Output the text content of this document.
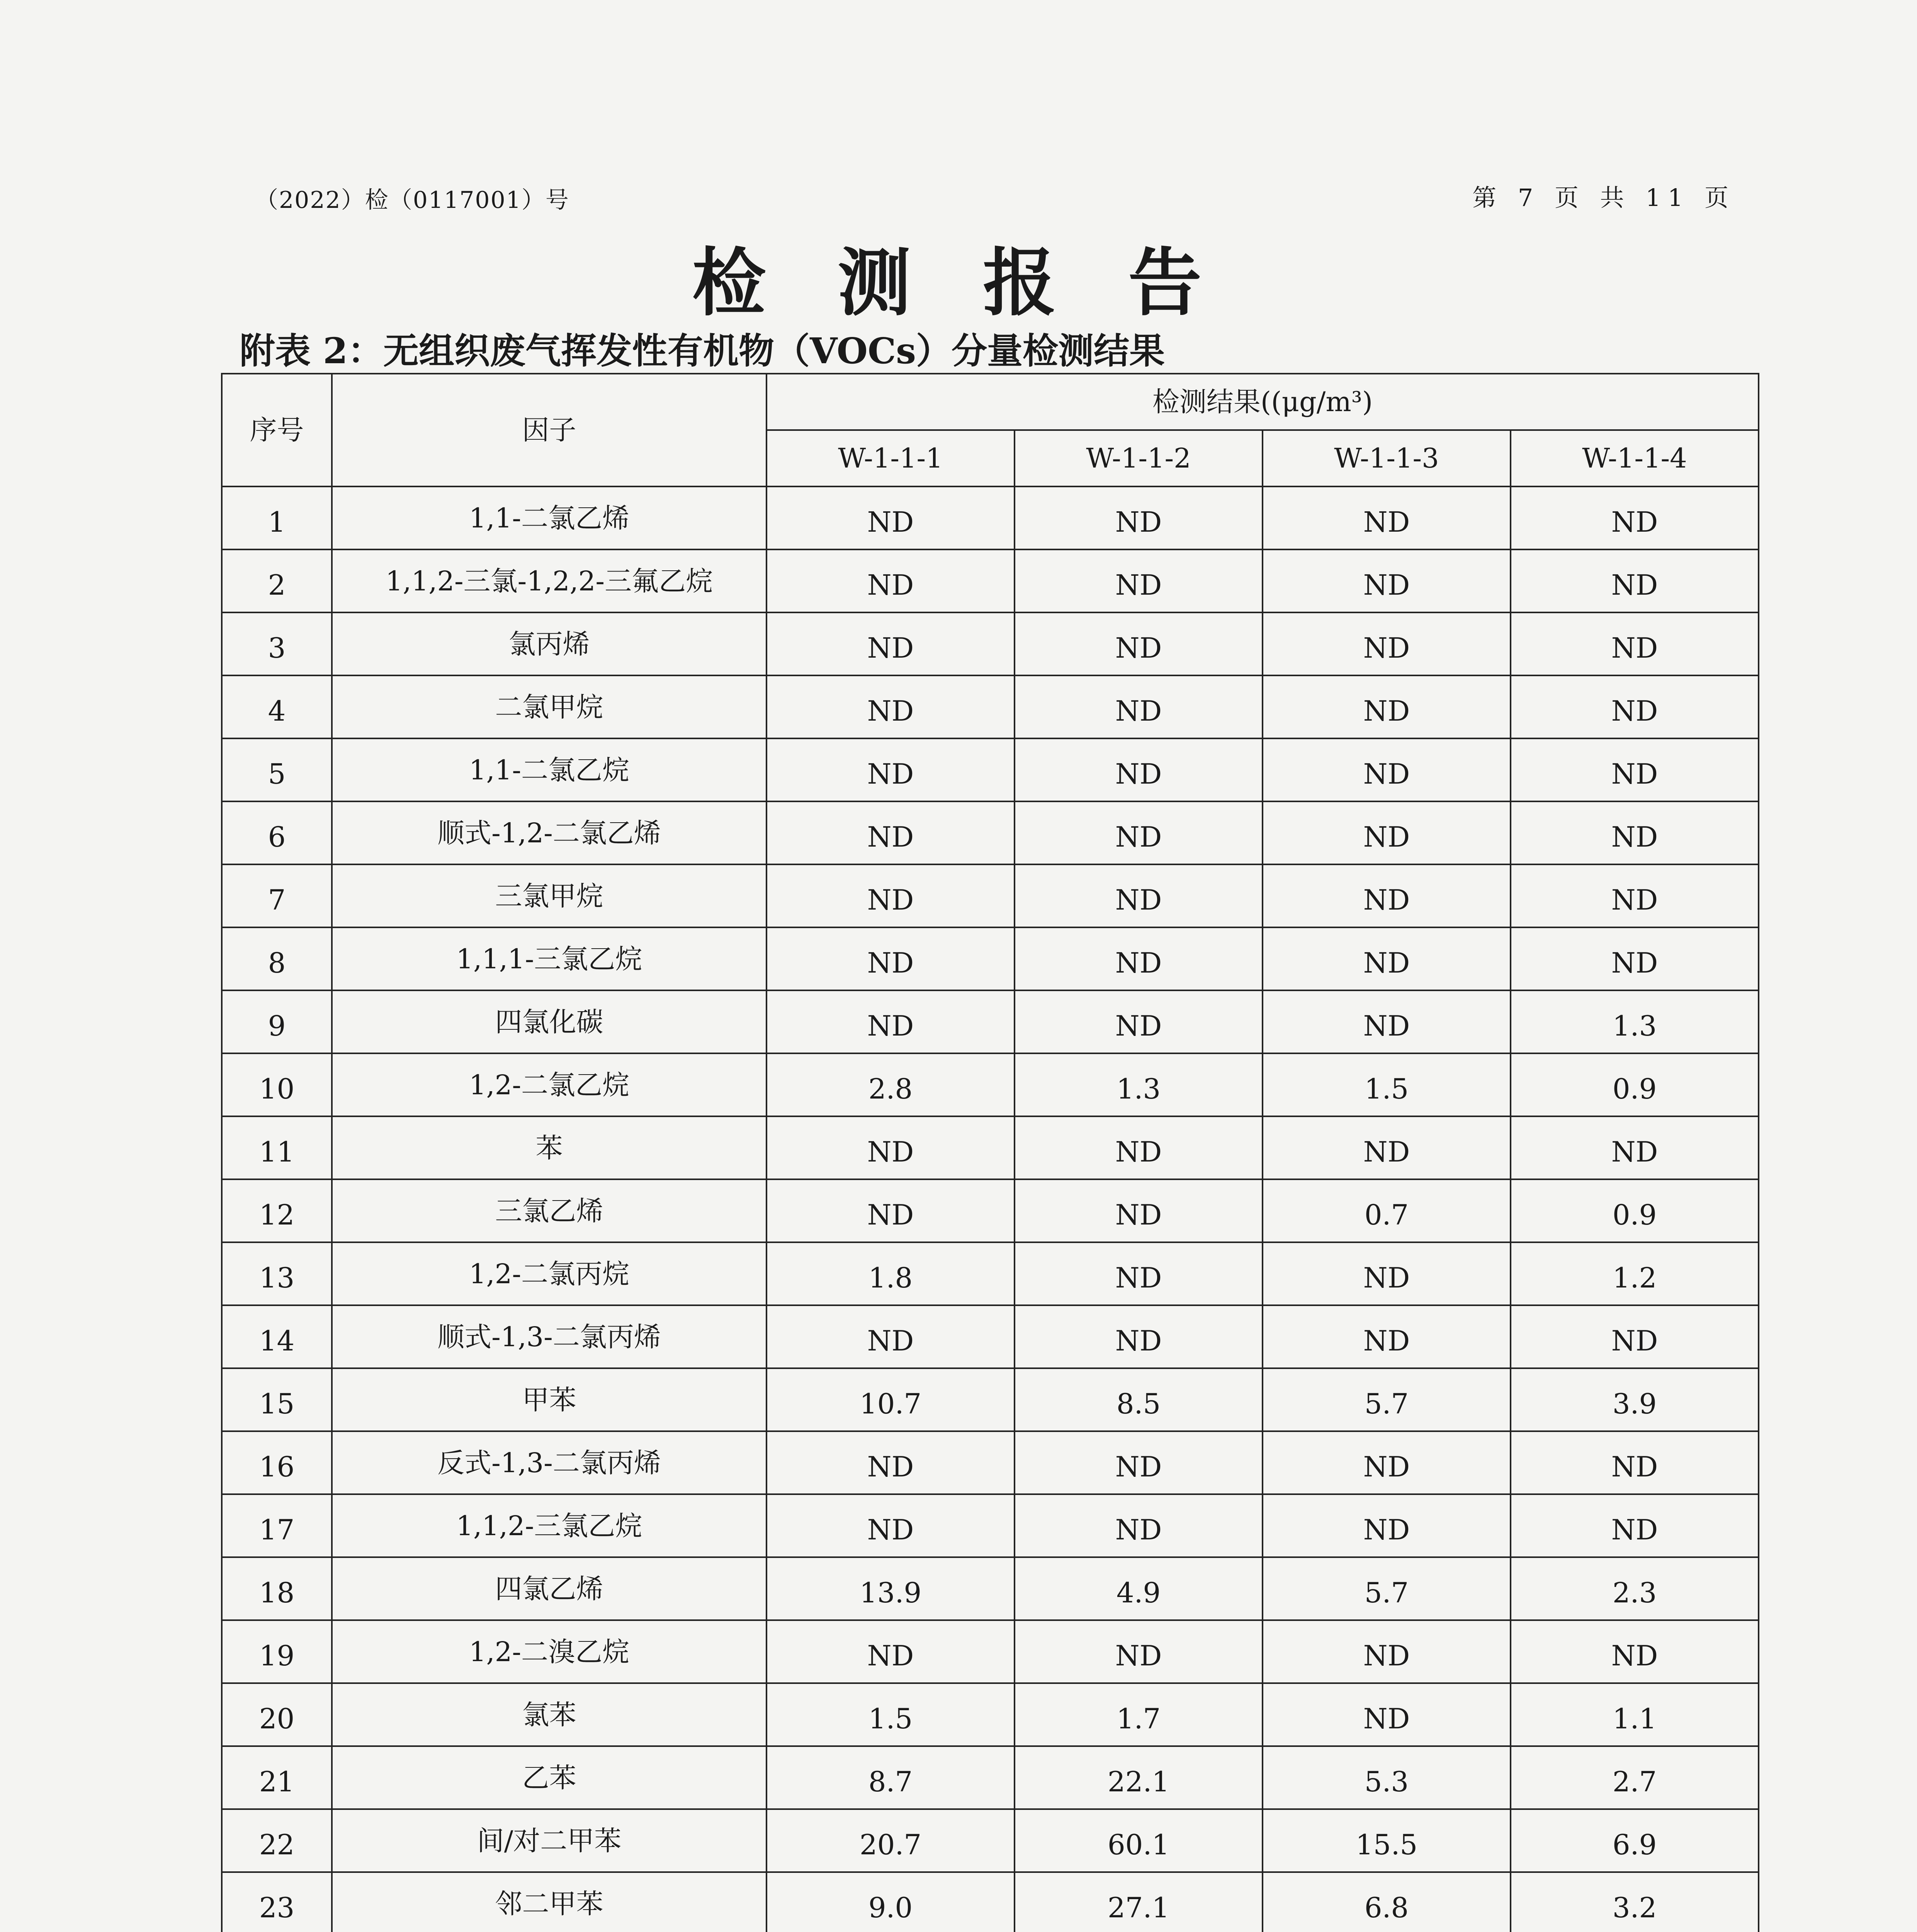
（2022）检（0117001）号	第 7 页 共 11 页
检 测 报 告
附表 2：无组织废气挥发性有机物（VOCs）分量检测结果
序号	因子	检测结果((μg/m³)			
		W-1-1-1	W-1-1-2	W-1-1-3	W-1-1-4
1	1,1-二氯乙烯	ND	ND	ND	ND
2	1,1,2-三氯-1,2,2-三氟乙烷	ND	ND	ND	ND
3	氯丙烯	ND	ND	ND	ND
4	二氯甲烷	ND	ND	ND	ND
5	1,1-二氯乙烷	ND	ND	ND	ND
6	顺式-1,2-二氯乙烯	ND	ND	ND	ND
7	三氯甲烷	ND	ND	ND	ND
8	1,1,1-三氯乙烷	ND	ND	ND	ND
9	四氯化碳	ND	ND	ND	1.3
10	1,2-二氯乙烷	2.8	1.3	1.5	0.9
11	苯	ND	ND	ND	ND
12	三氯乙烯	ND	ND	0.7	0.9
13	1,2-二氯丙烷	1.8	ND	ND	1.2
14	顺式-1,3-二氯丙烯	ND	ND	ND	ND
15	甲苯	10.7	8.5	5.7	3.9
16	反式-1,3-二氯丙烯	ND	ND	ND	ND
17	1,1,2-三氯乙烷	ND	ND	ND	ND
18	四氯乙烯	13.9	4.9	5.7	2.3
19	1,2-二溴乙烷	ND	ND	ND	ND
20	氯苯	1.5	1.7	ND	1.1
21	乙苯	8.7	22.1	5.3	2.7
22	间/对二甲苯	20.7	60.1	15.5	6.9
23	邻二甲苯	9.0	27.1	6.8	3.2
